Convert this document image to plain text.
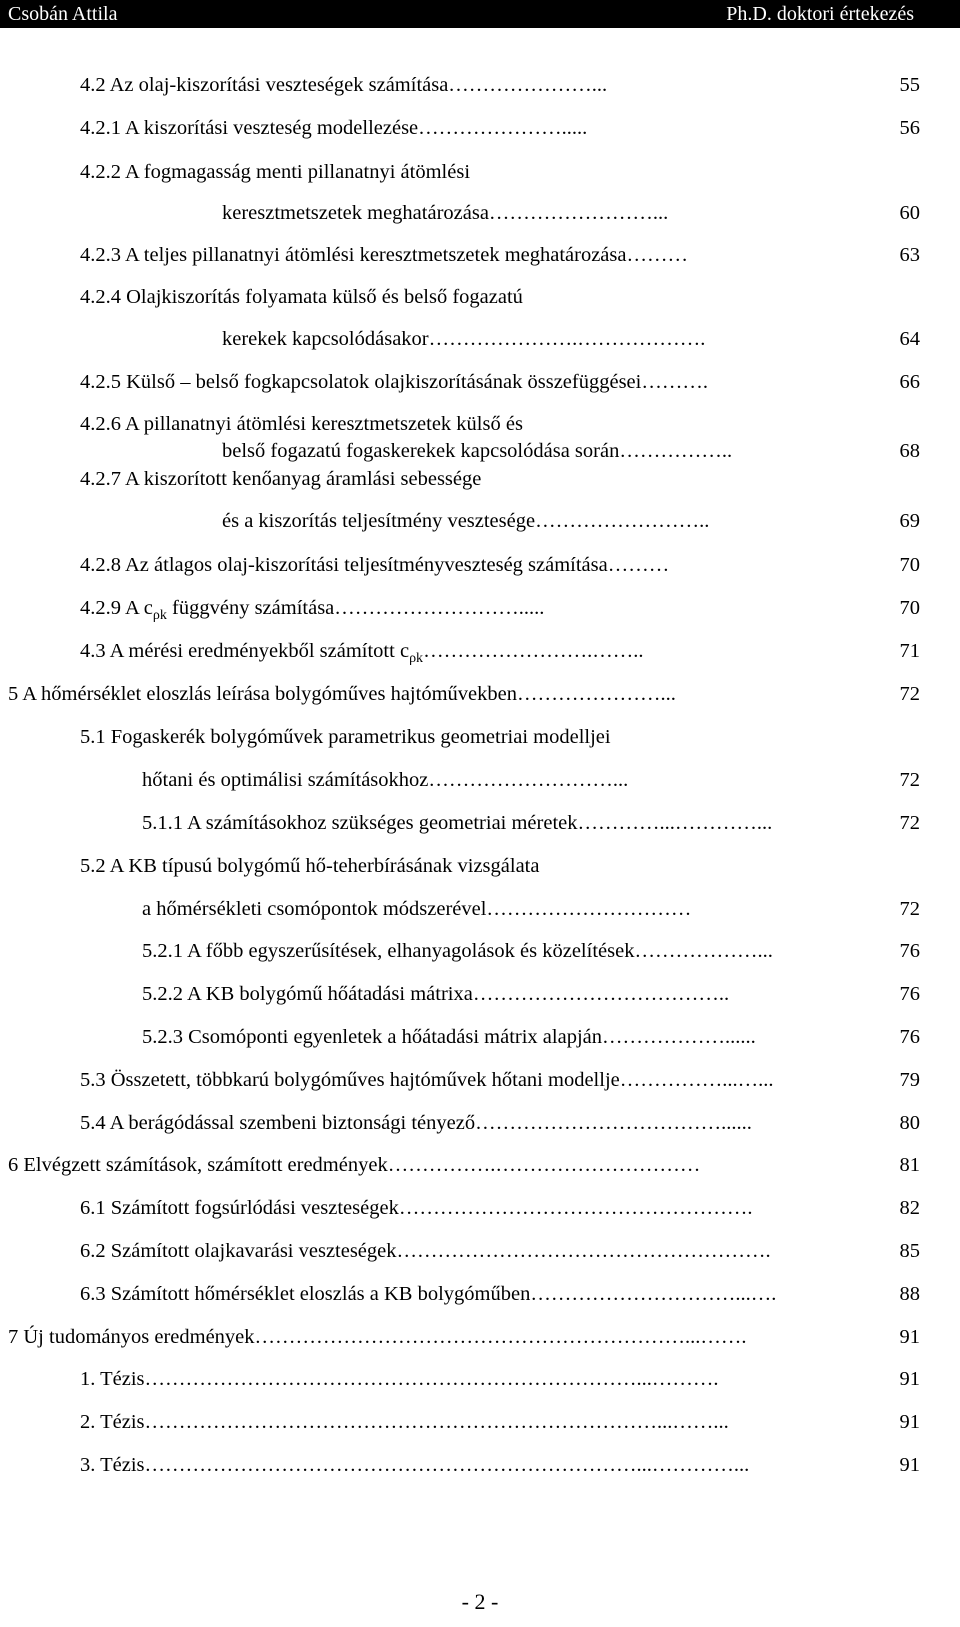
Csobán Attila	Ph.D. doktori értekezés
4.2 Az olaj-kiszorítási veszteségek számítása…………………...	55
4.2.1 A kiszorítási veszteség modellezése………………….....	56
4.2.2 A fogmagasság menti pillanatnyi átömlési
keresztmetszetek meghatározása……………………...	60
4.2.3 A teljes pillanatnyi átömlési keresztmetszetek meghatározása………	63
4.2.4 Olajkiszorítás folyamata külső és belső fogazatú
kerekek kapcsolódásakor………………….……………….	64
4.2.5 Külső – belső fogkapcsolatok olajkiszorításának összefüggései……….	66
4.2.6 A pillanatnyi átömlési keresztmetszetek külső és
belső fogazatú fogaskerekek kapcsolódása során……………..	68
4.2.7 A kiszorított kenőanyag áramlási sebessége
és a kiszorítás teljesítmény vesztesége……………………..	69
4.2.8 Az átlagos olaj-kiszorítási teljesítményveszteség számítása………	70
4.2.9 A $c_{\rho k}$ függvény számítása……………………….....	70
4.3 A mérési eredményekből számított $c_{\rho k}\dots\dots\dots\dots\dots\dots\dots\dots.\dots\dots$..	71
5 A hőmérséklet eloszlás leírása bolygóműves hajtóművekben…………………...	72
5.1 Fogaskerék bolygóművek parametrikus geometriai modelljei
hőtani és optimálisi számításokhoz………………………...	72
5.1.1 A számításokhoz szükséges geometriai méretek…………...…………...	72
5.2 A KB típusú bolygómű hő-teherbírásának vizsgálata
a hőmérsékleti csomópontok módszerével…………………………	72
5.2.1 A főbb egyszerűsítések, elhanyagolások és közelítések………………...	76
5.2.2 A KB bolygómű hőátadási mátrixa………………………………..	76
5.2.3 Csomóponti egyenletek a hőátadási mátrix alapján………………......	76
5.3 Összetett, többkarú bolygóműves hajtóművek hőtani modellje……………...…...	79
5.4 A berágódással szembeni biztonsági tényező………………………………......	80
6 Elvégzett számítások, számított eredmények…………….…………………………	81
6.1 Számított fogsúrlódási veszteségek…………………………………………….	82
6.2 Számított olajkavarási veszteségek……………………………………………….	85
6.3 Számított hőmérséklet eloszlás a KB bolygóműben…………………………...….	88
7 Új tudományos eredmények………………………………………………………...…….	91
1. Tézis………………………………………………………………...……….	91
2. Tézis…………………………………………………………………...……...	91
3. Tézis………………………………………………………………...…………...	91
- 2 -
